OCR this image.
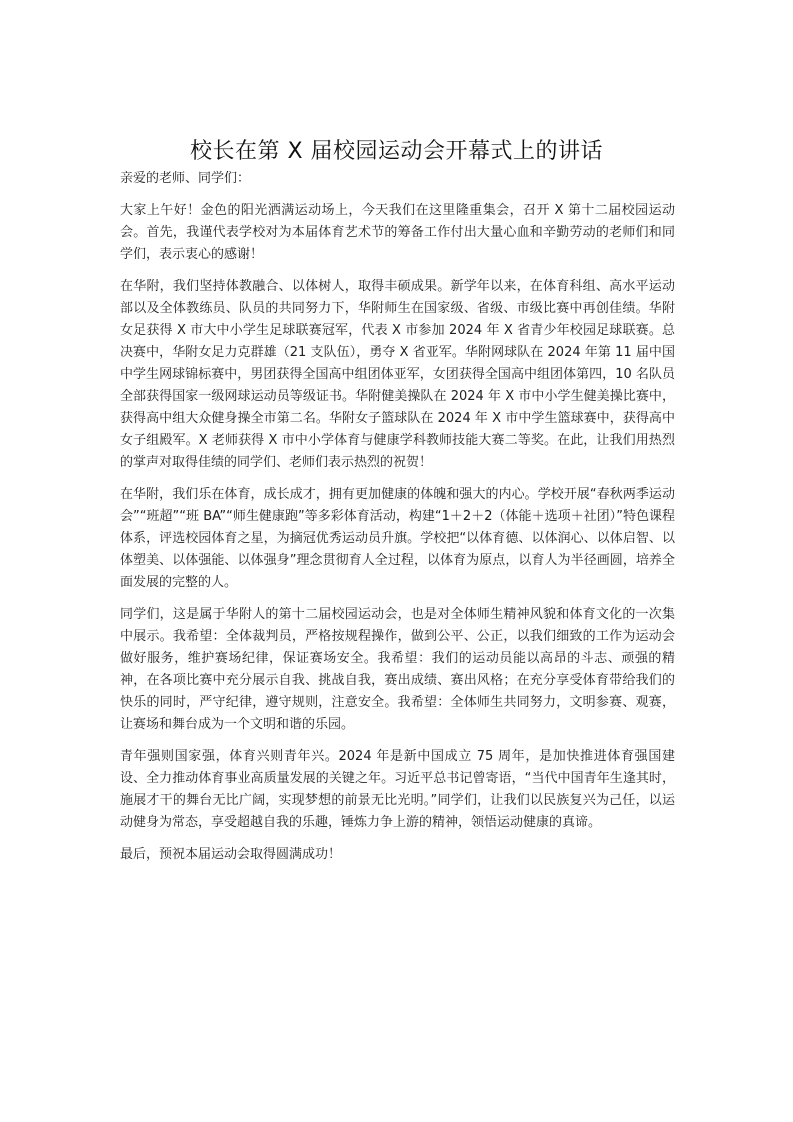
校长在第 X 届校园运动会开幕式上的讲话

亲爱的老师、同学们：

大家上午好！金色的阳光洒满运动场上，今天我们在这里隆重集会，召开 X 第十二届校园运动会。首先，我谨代表学校对为本届体育艺术节的筹备工作付出大量心血和辛勤劳动的老师们和同学们，表示衷心的感谢！

在华附，我们坚持体教融合、以体树人，取得丰硕成果。新学年以来，在体育科组、高水平运动部以及全体教练员、队员的共同努力下，华附师生在国家级、省级、市级比赛中再创佳绩。华附女足获得 X 市大中小学生足球联赛冠军，代表 X 市参加 2024 年 X 省青少年校园足球联赛。总决赛中，华附女足力克群雄（21 支队伍），勇夺 X 省亚军。华附网球队在 2024 年第 11 届中国中学生网球锦标赛中，男团获得全国高中组团体亚军，女团获得全国高中组团体第四，10 名队员全部获得国家一级网球运动员等级证书。华附健美操队在 2024 年 X 市中小学生健美操比赛中，获得高中组大众健身操全市第二名。华附女子篮球队在 2024 年 X 市中学生篮球赛中，获得高中女子组殿军。X 老师获得 X 市中小学体育与健康学科教师技能大赛二等奖。在此，让我们用热烈的掌声对取得佳绩的同学们、老师们表示热烈的祝贺！

在华附，我们乐在体育，成长成才，拥有更加健康的体魄和强大的内心。学校开展“春秋两季运动会”“班超”“班 BA”“师生健康跑”等多彩体育活动，构建“1＋2＋2（体能＋选项＋社团）”特色课程体系，评选校园体育之星，为摘冠优秀运动员升旗。学校把“以体育德、以体润心、以体启智、以体塑美、以体强能、以体强身”理念贯彻育人全过程，以体育为原点，以育人为半径画圆，培养全面发展的完整的人。

同学们，这是属于华附人的第十二届校园运动会，也是对全体师生精神风貌和体育文化的一次集中展示。我希望：全体裁判员，严格按规程操作，做到公平、公正，以我们细致的工作为运动会做好服务，维护赛场纪律，保证赛场安全。我希望：我们的运动员能以高昂的斗志、顽强的精神，在各项比赛中充分展示自我、挑战自我，赛出成绩、赛出风格；在充分享受体育带给我们的快乐的同时，严守纪律，遵守规则，注意安全。我希望：全体师生共同努力，文明参赛、观赛，让赛场和舞台成为一个文明和谐的乐园。

青年强则国家强，体育兴则青年兴。2024 年是新中国成立 75 周年，是加快推进体育强国建设、全力推动体育事业高质量发展的关键之年。习近平总书记曾寄语，“当代中国青年生逢其时，施展才干的舞台无比广阔，实现梦想的前景无比光明。”同学们，让我们以民族复兴为己任，以运动健身为常态，享受超越自我的乐趣，锤炼力争上游的精神，领悟运动健康的真谛。

最后，预祝本届运动会取得圆满成功！
